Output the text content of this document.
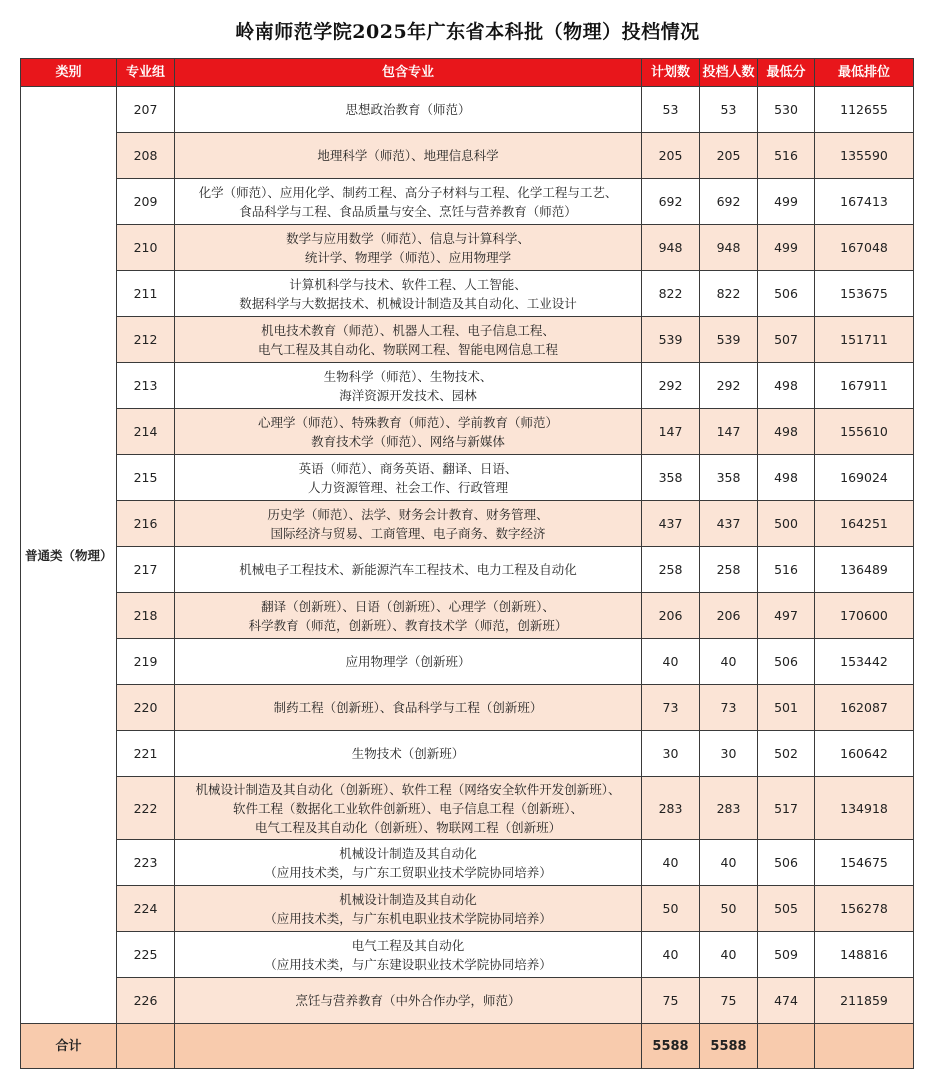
岭南师范学院2025年广东省本科批（物理）投档情况
类别	专业组	包含专业	计划数	投档人数	最低分	最低排位
普通类（物理）	207	思想政治教育（师范）	53	53	530	112655
	208	地理科学（师范）、地理信息科学	205	205	516	135590
	209	化学（师范）、应用化学、制药工程、高分子材料与工程、化学工程与工艺、
食品科学与工程、食品质量与安全、烹饪与营养教育（师范）	692	692	499	167413
	210	数学与应用数学（师范）、信息与计算科学、
统计学、物理学（师范）、应用物理学	948	948	499	167048
	211	计算机科学与技术、软件工程、人工智能、
数据科学与大数据技术、机械设计制造及其自动化、工业设计	822	822	506	153675
	212	机电技术教育（师范）、机器人工程、电子信息工程、
电气工程及其自动化、物联网工程、智能电网信息工程	539	539	507	151711
	213	生物科学（师范）、生物技术、
海洋资源开发技术、园林	292	292	498	167911
	214	心理学（师范）、特殊教育（师范）、学前教育（师范）
教育技术学（师范）、网络与新媒体	147	147	498	155610
	215	英语（师范）、商务英语、翻译、日语、
人力资源管理、社会工作、行政管理	358	358	498	169024
	216	历史学（师范）、法学、财务会计教育、财务管理、
国际经济与贸易、工商管理、电子商务、数字经济	437	437	500	164251
	217	机械电子工程技术、新能源汽车工程技术、电力工程及自动化	258	258	516	136489
	218	翻译（创新班）、日语（创新班）、心理学（创新班）、
科学教育（师范，创新班）、教育技术学（师范，创新班）	206	206	497	170600
	219	应用物理学（创新班）	40	40	506	153442
	220	制药工程（创新班）、食品科学与工程（创新班）	73	73	501	162087
	221	生物技术（创新班）	30	30	502	160642
	222	机械设计制造及其自动化（创新班）、软件工程（网络安全软件开发创新班）、
软件工程（数据化工业软件创新班）、电子信息工程（创新班）、
电气工程及其自动化（创新班）、物联网工程（创新班）	283	283	517	134918
	223	机械设计制造及其自动化
（应用技术类，与广东工贸职业技术学院协同培养）	40	40	506	154675
	224	机械设计制造及其自动化
（应用技术类，与广东机电职业技术学院协同培养）	50	50	505	156278
	225	电气工程及其自动化
（应用技术类，与广东建设职业技术学院协同培养）	40	40	509	148816
	226	烹饪与营养教育（中外合作办学，师范）	75	75	474	211859
合计			5588	5588		
